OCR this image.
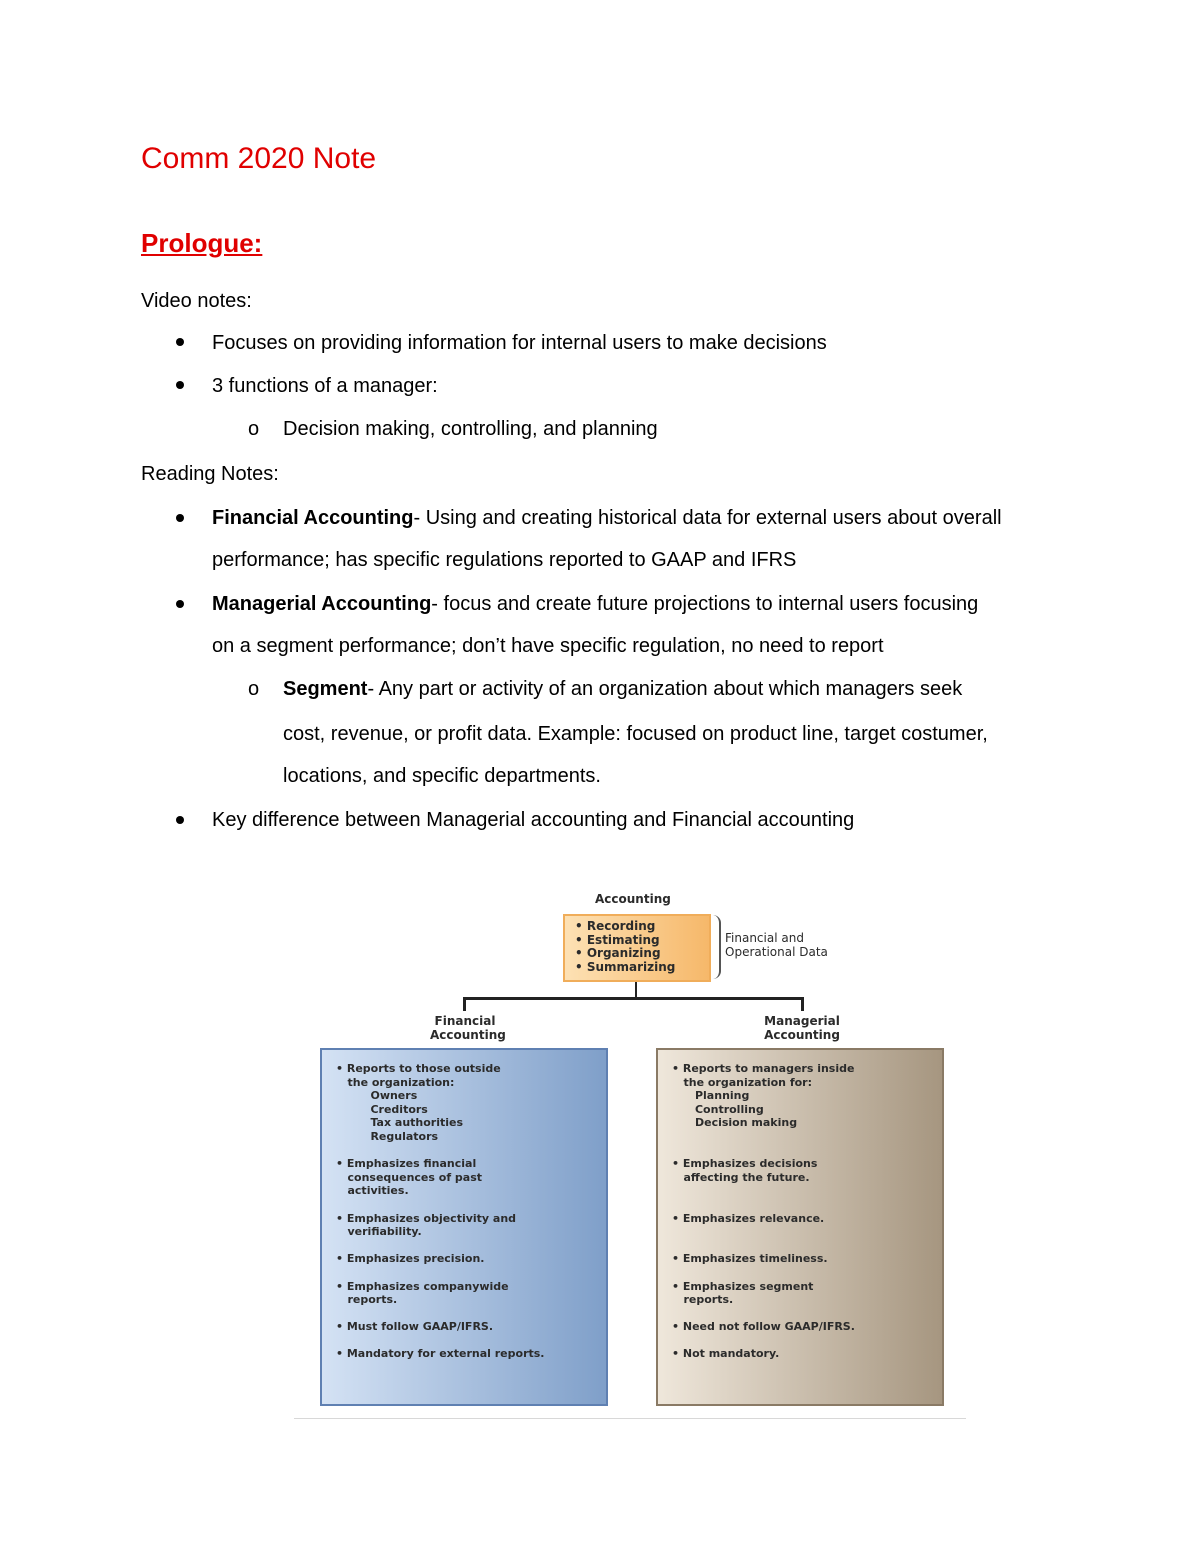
Comm 2020 Note
Prologue:
Video notes:
Focuses on providing information for internal users to make decisions
3 functions of a manager:
o Decision making, controlling, and planning
Reading Notes:
Financial Accounting- Using and creating historical data for external users about overall
performance; has specific regulations reported to GAAP and IFRS
Managerial Accounting- focus and create future projections to internal users focusing
on a segment performance; don’t have specific regulation, no need to report
o Segment- Any part or activity of an organization about which managers seek
cost, revenue, or profit data. Example: focused on product line, target costumer,
locations, and specific departments.
Key difference between Managerial accounting and Financial accounting
Accounting
• Recording
• Estimating
• Organizing
• Summarizing
Financial and
Operational Data
Financial
Accounting
Managerial
Accounting
• Reports to those outside
the organization:
Owners
Creditors
Tax authorities
Regulators
• Emphasizes financial
consequences of past
activities.
• Emphasizes objectivity and
verifiability.
• Emphasizes precision.
• Emphasizes companywide
reports.
• Must follow GAAP/IFRS.
• Mandatory for external reports.
• Reports to managers inside
the organization for:
Planning
Controlling
Decision making
• Emphasizes decisions
affecting the future.
• Emphasizes relevance.
• Emphasizes timeliness.
• Emphasizes segment
reports.
• Need not follow GAAP/IFRS.
• Not mandatory.
